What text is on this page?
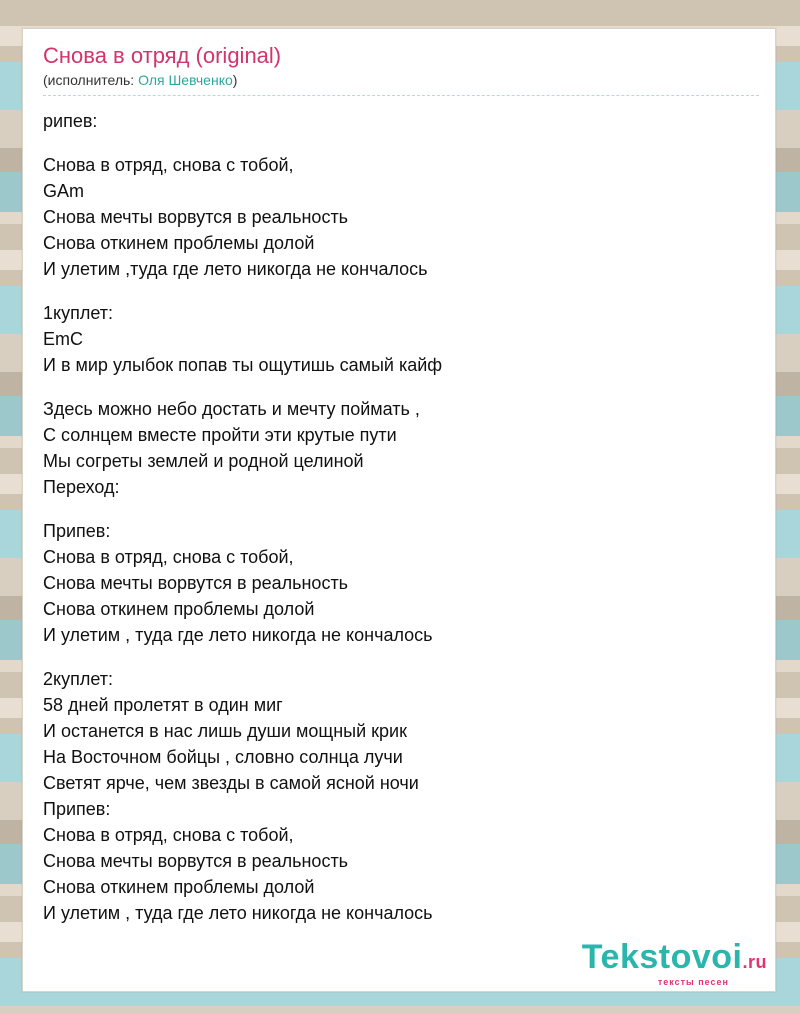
Снова в отряд (original)
(исполнитель: Оля Шевченко)
рипев:
Снова в отряд, снова с тобой,
GAm
Снова мечты ворвутся в реальность
Снова откинем проблемы долой
И улетим ,туда где лето никогда не кончалось
1куплет:
EmC
И в мир улыбок попав ты ощутишь самый кайф
Здесь можно небо достать и мечту поймать ,
С солнцем вместе пройти эти крутые пути
Мы согреты землей и родной целиной
Переход:
Припев:
Снова в отряд, снова с тобой,
Снова мечты ворвутся в реальность
Снова откинем проблемы долой
И улетим , туда где лето никогда не кончалось
2куплет:
58 дней пролетят в один миг
И останется в нас лишь души мощный крик
На Восточном бойцы , словно солнца лучи
Светят ярче, чем звезды в самой ясной ночи
Припев:
Снова в отряд, снова с тобой,
Снова мечты ворвутся в реальность
Снова откинем проблемы долой
И улетим , туда где лето никогда не кончалось
Tekstovoi.ru
тексты песен
